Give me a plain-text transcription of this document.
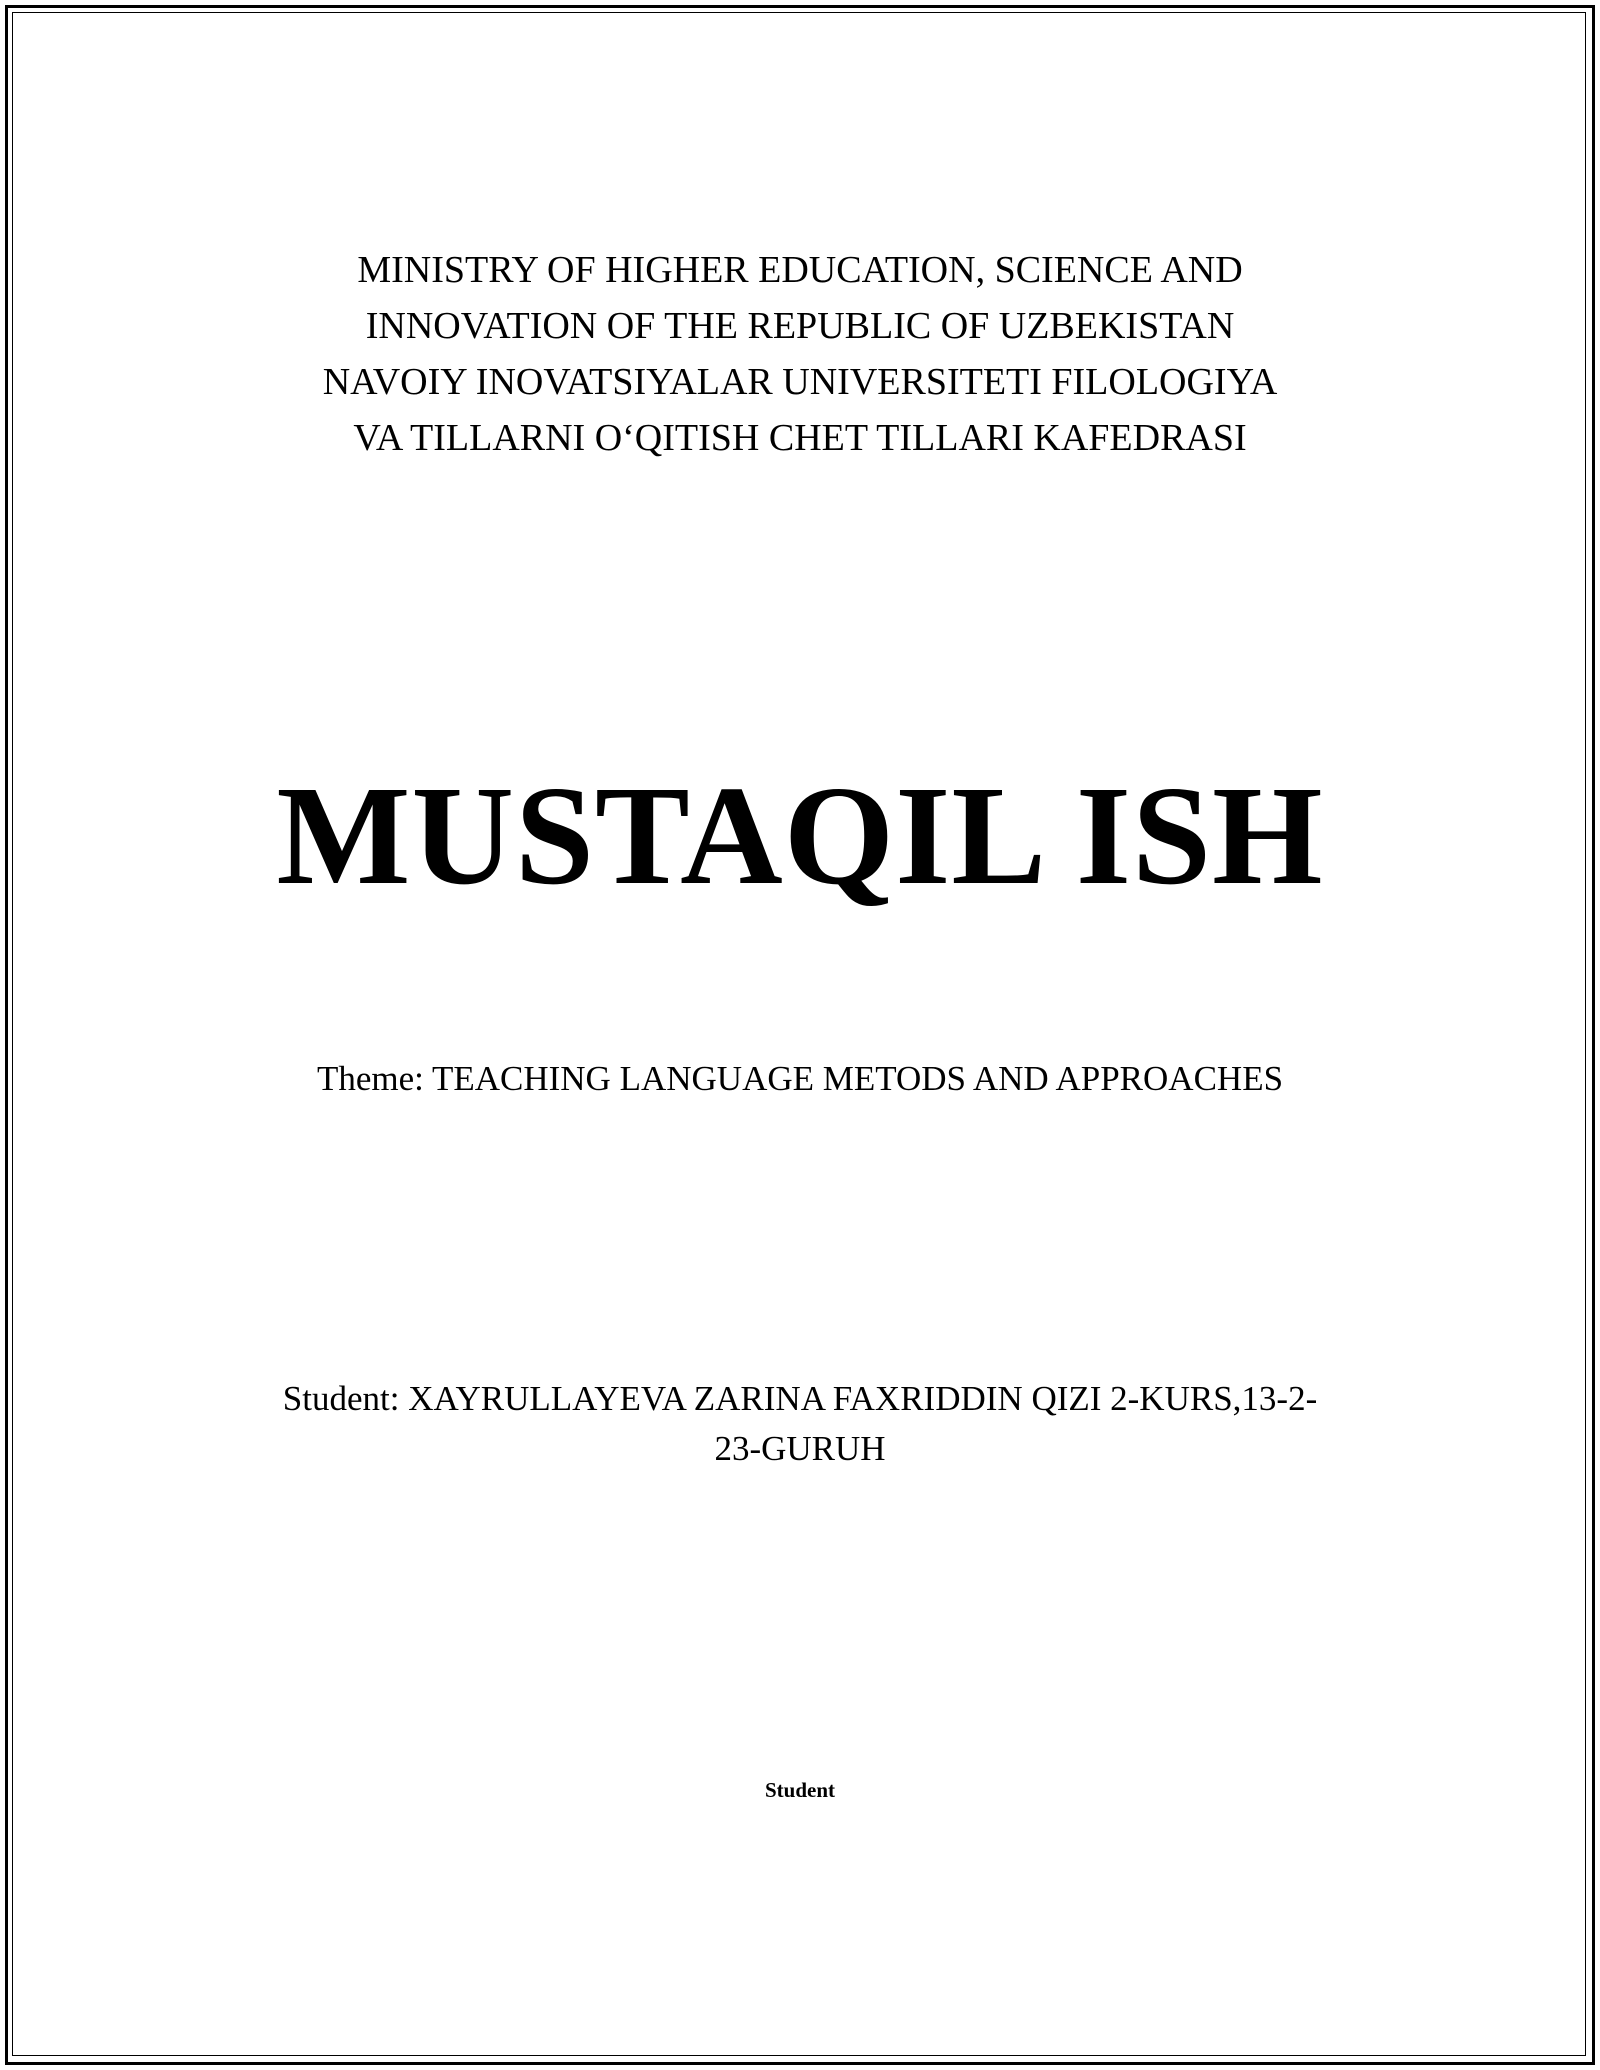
MINISTRY OF HIGHER EDUCATION, SCIENCE AND
INNOVATION OF THE REPUBLIC OF UZBEKISTAN
NAVOIY INOVATSIYALAR UNIVERSITETI FILOLOGIYA
VA TILLARNI O‘QITISH CHET TILLARI KAFEDRASI
MUSTAQIL ISH
Theme: TEACHING LANGUAGE METODS AND APPROACHES
Student: XAYRULLAYEVA ZARINA FAXRIDDIN QIZI 2-KURS,13-2-
23-GURUH
Student
